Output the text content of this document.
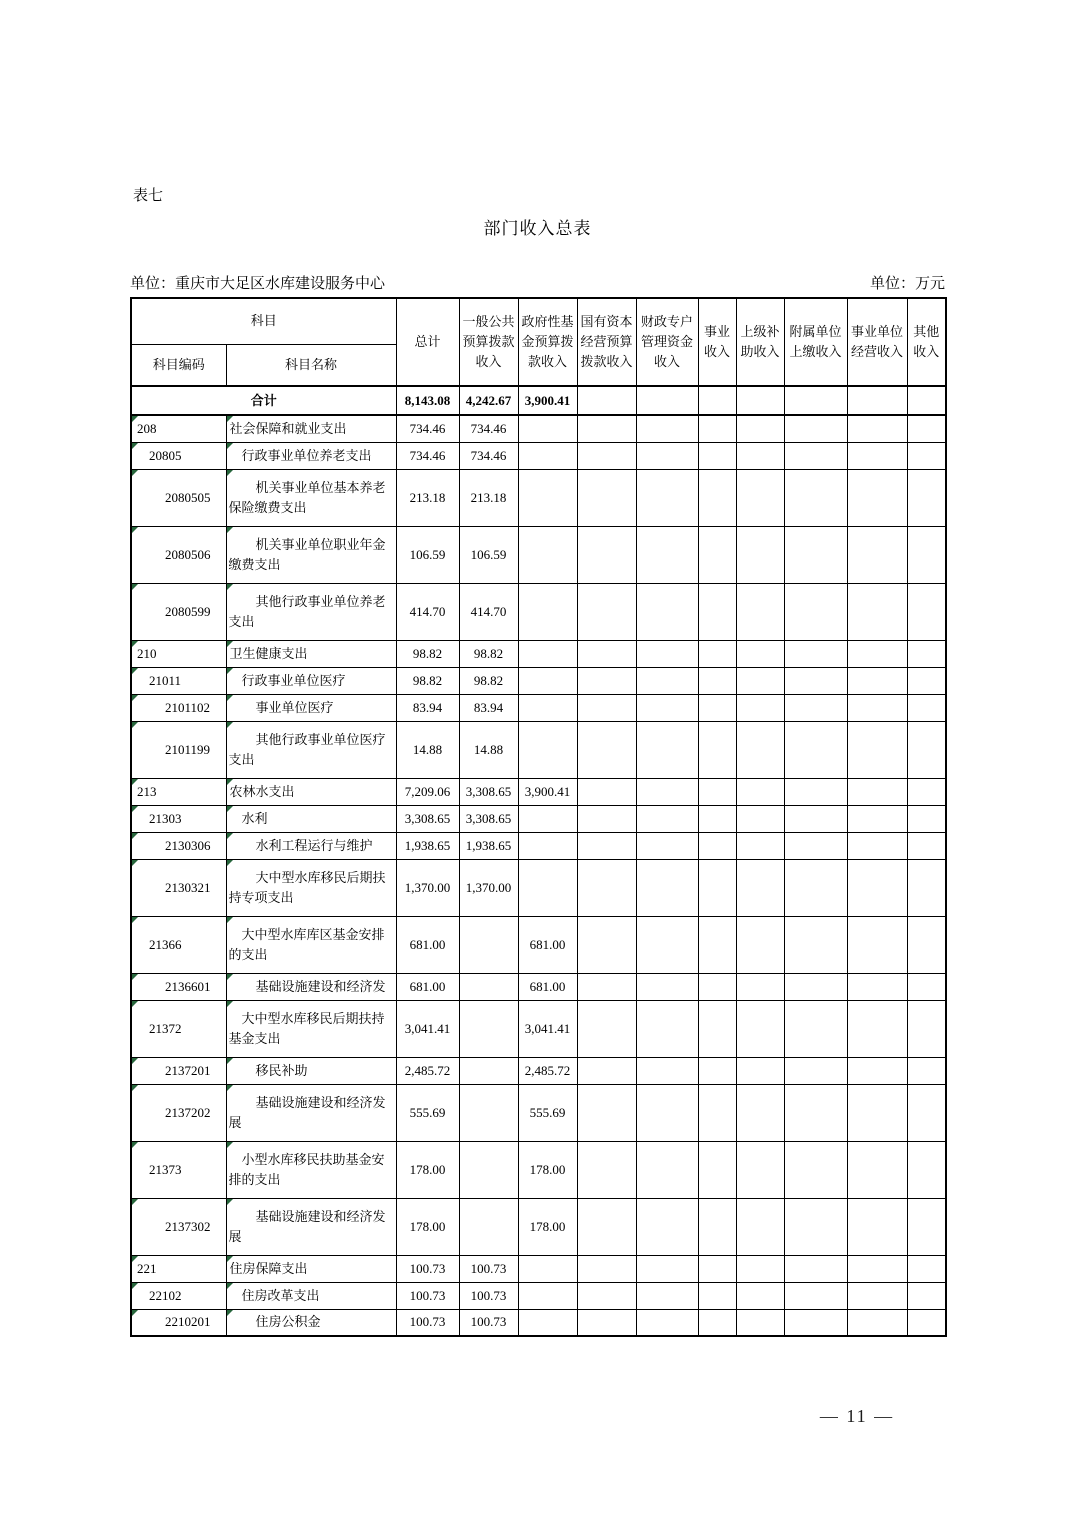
表七
部门收入总表
单位：重庆市大足区水库建设服务中心	单位：万元
科目		总计	一般公共预算拨款收入	政府性基金预算拨款收入	国有资本经营预算拨款收入	财政专户管理资金收入	事业收入	上级补助收入	附属单位上缴收入	事业单位经营收入	其他收入
科目编码	科目名称										
合计		8,143.08	4,242.67	3,900.41							
208	社会保障和就业支出	734.46	734.46								
20805	行政事业单位养老支出	734.46	734.46								
2080505	机关事业单位基本养老保险缴费支出	213.18	213.18								
2080506	机关事业单位职业年金缴费支出	106.59	106.59								
2080599	其他行政事业单位养老支出	414.70	414.70								
210	卫生健康支出	98.82	98.82								
21011	行政事业单位医疗	98.82	98.82								
2101102	事业单位医疗	83.94	83.94								
2101199	其他行政事业单位医疗支出	14.88	14.88								
213	农林水支出	7,209.06	3,308.65	3,900.41							
21303	水利	3,308.65	3,308.65								
2130306	水利工程运行与维护	1,938.65	1,938.65								
2130321	大中型水库移民后期扶持专项支出	1,370.00	1,370.00								
21366	大中型水库库区基金安排的支出	681.00		681.00							
2136601	基础设施建设和经济发	681.00		681.00							
21372	大中型水库移民后期扶持基金支出	3,041.41		3,041.41							
2137201	移民补助	2,485.72		2,485.72							
2137202	基础设施建设和经济发展	555.69		555.69							
21373	小型水库移民扶助基金安排的支出	178.00		178.00							
2137302	基础设施建设和经济发展	178.00		178.00							
221	住房保障支出	100.73	100.73								
22102	住房改革支出	100.73	100.73								
2210201	住房公积金	100.73	100.73								
— 11 —
